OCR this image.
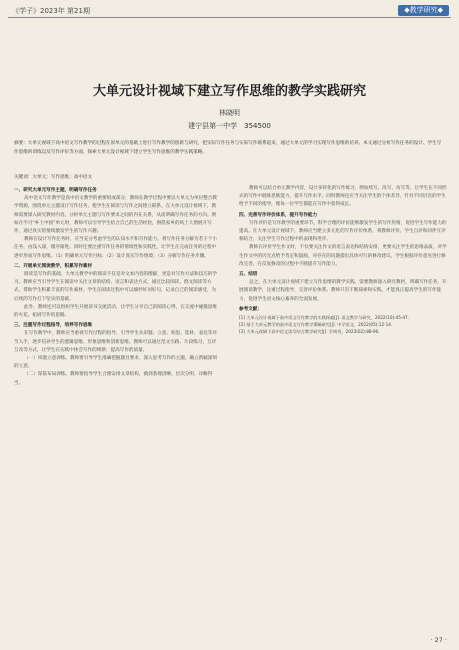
《学子》2023年 第21期	◆教学研究◆
大单元设计视域下建立写作思维的教学实践研究
林晓明
建宁县第一中学　354500
摘要：大单元视域下高中语文写作教学的过程在原单元的基础上进行写作教学的创新与研究，把实际写作任务与实际写作联系起来，通过大单元的学习实现写作思维的培养。本文通过分析写作任务的设计、学生写作思维的训练以及写作评价等方面，探索大单元设计视域下建立学生写作思维的教学实践策略。
关键词：大单元；写作思维；高中语文

一、研究大单元写作主题，明确写作任务

高中语文写作教学是高中语文教学的重要组成部分，教师在教学过程中要以大单元为单位整合教学资源，围绕单元主题设计写作任务，使学生在阅读与写作之间建立联系。在大单元设计视域下，教师需要深入研究教材内容，分析单元主题与写作要求之间的内在关系，从而明确写作任务的方向。例如在学习“乡土中国”单元时，教师可以引导学生结合自己的生活经验，围绕家乡的风土人情展开写作，通过真实的情境激发学生的写作兴趣。

教师在设计写作任务时，应当充分考虑学生的认知水平和写作能力，将写作任务分解为若干个小任务，由浅入深，循序渐进。同时还要注重写作任务的情境性和实践性，让学生在完成任务的过程中逐步形成写作思维。（1）明确单元写作目标；（2）设计真实写作情境；（3）分解写作任务步骤。

二、开展单元阅读教学，积累写作素材

阅读是写作的基础，大单元教学中的阅读不仅是对文本内容的理解，更是对写作方法和技巧的学习。教师应当引导学生在阅读中关注文章的结构、语言和表达方式，通过比较阅读、群文阅读等方式，帮助学生积累丰富的写作素材。学生在阅读过程中可以摘抄好词好句，记录自己的阅读感受，为后续的写作打下坚实的基础。

此外，教师还可以组织学生开展读书交流活动，让学生分享自己的阅读心得，在交流中碰撞思维的火花，拓展写作的思路。

三、注重写作过程指导，培养写作思维

在写作教学中，教师应当重视写作过程的指导，引导学生从审题、立意、构思、选材、表达等环节入手，逐步培养学生的逻辑思维、形象思维和创新思维。教师可以通过范文引路、片段练习、互评互改等方式，让学生在实践中体会写作的规律，提高写作的质量。

（一）审题立意训练。教师要引导学生准确把握题目要求，深入思考写作的主题，确立新颖深刻的立意。

（二）谋篇布局训练。教师要指导学生合理安排文章结构，做到条理清晰、层次分明、详略得当。

教师可以结合单元教学内容，设计多样化的写作练习，例如续写、改写、仿写等，让学生在不同形式的写作中锻炼思维能力，提升写作水平。同时教师还应当关注学生的个体差异，针对不同层次的学生给予不同的指导，使每一位学生都能在写作中获得成长。

四、完善写作评价体系，提升写作能力

写作评价是写作教学的重要环节，科学合理的评价能够激发学生的写作热情，促进学生写作能力的提高。在大单元设计视域下，教师应当建立多元化的写作评价体系，将教师评价、学生自评和同伴互评相结合，关注学生写作过程中的表现和进步。

教师在评价学生作文时，不仅要关注作文的语言表达和结构安排，更要关注学生的思维品质，对学生作文中的闪光点给予肯定和鼓励，对存在的问题提出具体可行的修改建议。学生根据评价意见进行修改完善，在反复修改的过程中不断提升写作能力。

五、结语

总之，在大单元设计视域下建立写作思维的教学实践，需要教师深入研究教材，明确写作任务，开展阅读教学，注重过程指导，完善评价体系。教师只有不断探索和实践，才能真正提高学生的写作能力，促进学生语文核心素养的全面发展。

参考文献：

[1] 大单元设计视域下高中语文写作教学的实践探索[J]. 语文教学与研究，2022(10):45-47.

[2] 基于大单元教学的高中语文写作教学策略研究[J]. 中学语文，2022(05):12-14.

[3] 大单元视域下高中语文读写结合教学研究[J]. 学周刊，2023(02):88-90.

· 27 ·
